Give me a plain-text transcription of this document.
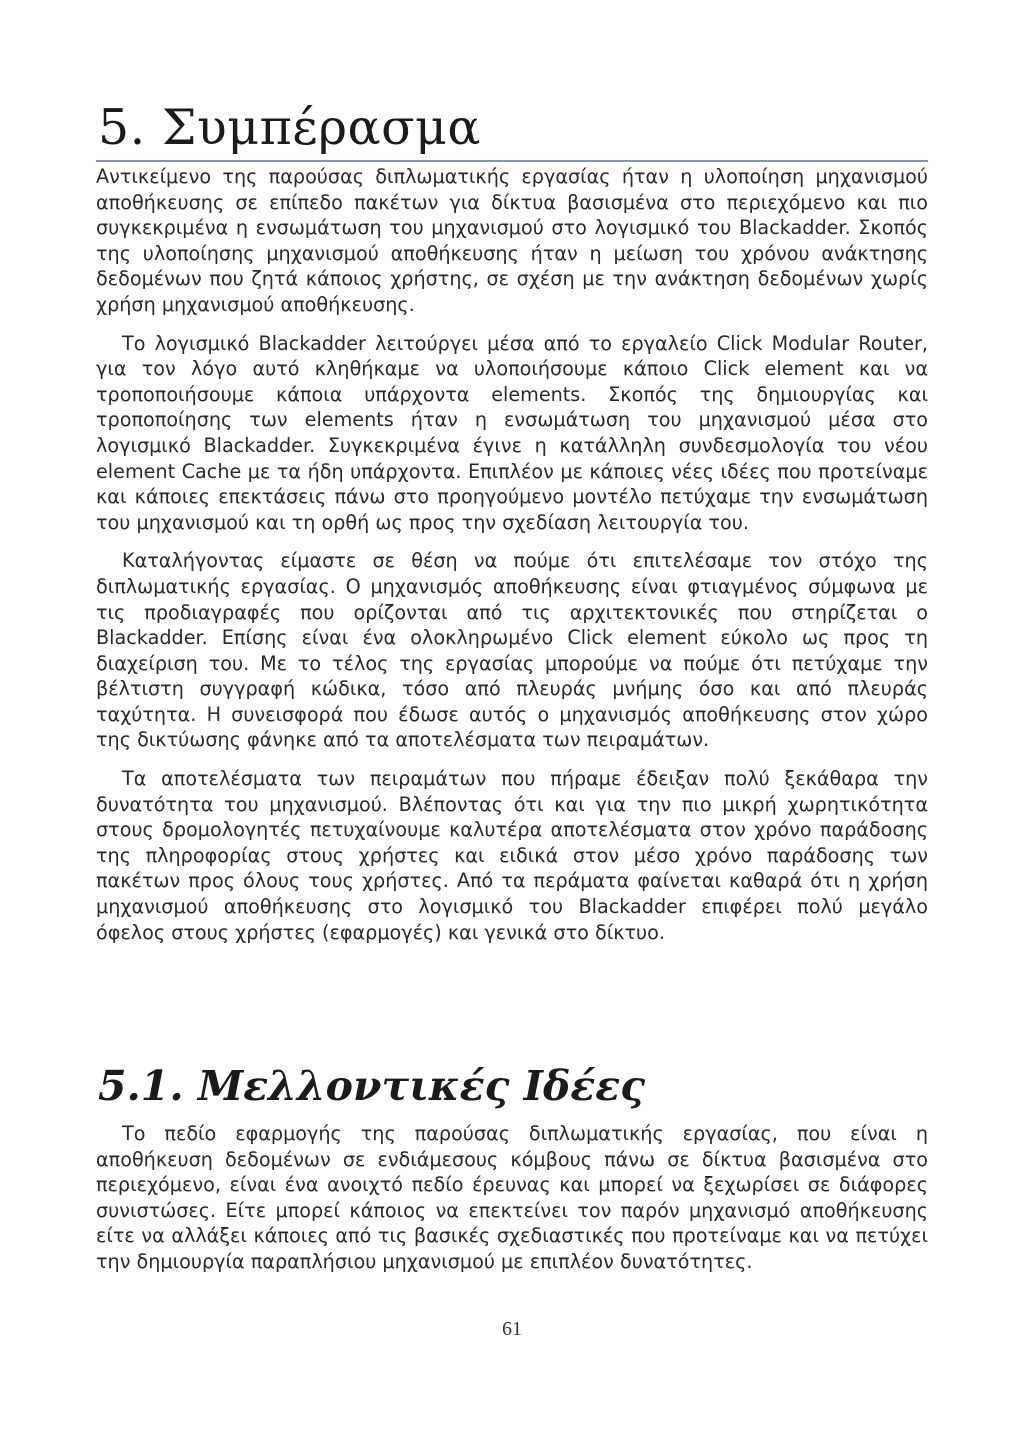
5. Συμπέρασμα

Αντικείμενο της παρούσας διπλωματικής εργασίας ήταν η υλοποίηση μηχανισμού αποθήκευσης σε επίπεδο πακέτων για δίκτυα βασισμένα στο περιεχόμενο και πιο συγκεκριμένα η ενσωμάτωση του μηχανισμού στο λογισμικό του Blackadder. Σκοπός της υλοποίησης μηχανισμού αποθήκευσης ήταν η μείωση του χρόνου ανάκτησης δεδομένων που ζητά κάποιος χρήστης, σε σχέση με την ανάκτηση δεδομένων χωρίς χρήση μηχανισμού αποθήκευσης.

Το λογισμικό Blackadder λειτούργει μέσα από το εργαλείο Click Modular Router, για τον λόγο αυτό κληθήκαμε να υλοποιήσουμε κάποιο Click element και να τροποποιήσουμε κάποια υπάρχοντα elements. Σκοπός της δημιουργίας και τροποποίησης των elements ήταν η ενσωμάτωση του μηχανισμού μέσα στο λογισμικό Blackadder. Συγκεκριμένα έγινε η κατάλληλη συνδεσμολογία του νέου element Cache με τα ήδη υπάρχοντα. Επιπλέον με κάποιες νέες ιδέες που προτείναμε και κάποιες επεκτάσεις πάνω στο προηγούμενο μοντέλο πετύχαμε την ενσωμάτωση του μηχανισμού και τη ορθή ως προς την σχεδίαση λειτουργία του.

Καταλήγοντας είμαστε σε θέση να πούμε ότι επιτελέσαμε τον στόχο της διπλωματικής εργασίας. Ο μηχανισμός αποθήκευσης είναι φτιαγμένος σύμφωνα με τις προδιαγραφές που ορίζονται από τις αρχιτεκτονικές που στηρίζεται ο Blackadder. Επίσης είναι ένα ολοκληρωμένο Click element εύκολο ως προς τη διαχείριση του. Με το τέλος της εργασίας μπορούμε να πούμε ότι πετύχαμε την βέλτιστη συγγραφή κώδικα, τόσο από πλευράς μνήμης όσο και από πλευράς ταχύτητα. Η συνεισφορά που έδωσε αυτός ο μηχανισμός αποθήκευσης στον χώρο της δικτύωσης φάνηκε από τα αποτελέσματα των πειραμάτων.

Τα αποτελέσματα των πειραμάτων που πήραμε έδειξαν πολύ ξεκάθαρα την δυνατότητα του μηχανισμού. Βλέποντας ότι και για την πιο μικρή χωρητικότητα στους δρομολογητές πετυχαίνουμε καλυτέρα αποτελέσματα στον χρόνο παράδοσης της πληροφορίας στους χρήστες και ειδικά στον μέσο χρόνο παράδοσης των πακέτων προς όλους τους χρήστες. Από τα περάματα φαίνεται καθαρά ότι η χρήση μηχανισμού αποθήκευσης στο λογισμικό του Blackadder επιφέρει πολύ μεγάλο όφελος στους χρήστες (εφαρμογές) και γενικά στο δίκτυο.

5.1. Μελλοντικές Ιδέες

Το πεδίο εφαρμογής της παρούσας διπλωματικής εργασίας, που είναι η αποθήκευση δεδομένων σε ενδιάμεσους κόμβους πάνω σε δίκτυα βασισμένα στο περιεχόμενο, είναι ένα ανοιχτό πεδίο έρευνας και μπορεί να ξεχωρίσει σε διάφορες συνιστώσες. Είτε μπορεί κάποιος να επεκτείνει τον παρόν μηχανισμό αποθήκευσης είτε να αλλάξει κάποιες από τις βασικές σχεδιαστικές που προτείναμε και να πετύχει την δημιουργία παραπλήσιου μηχανισμού με επιπλέον δυνατότητες.

61
